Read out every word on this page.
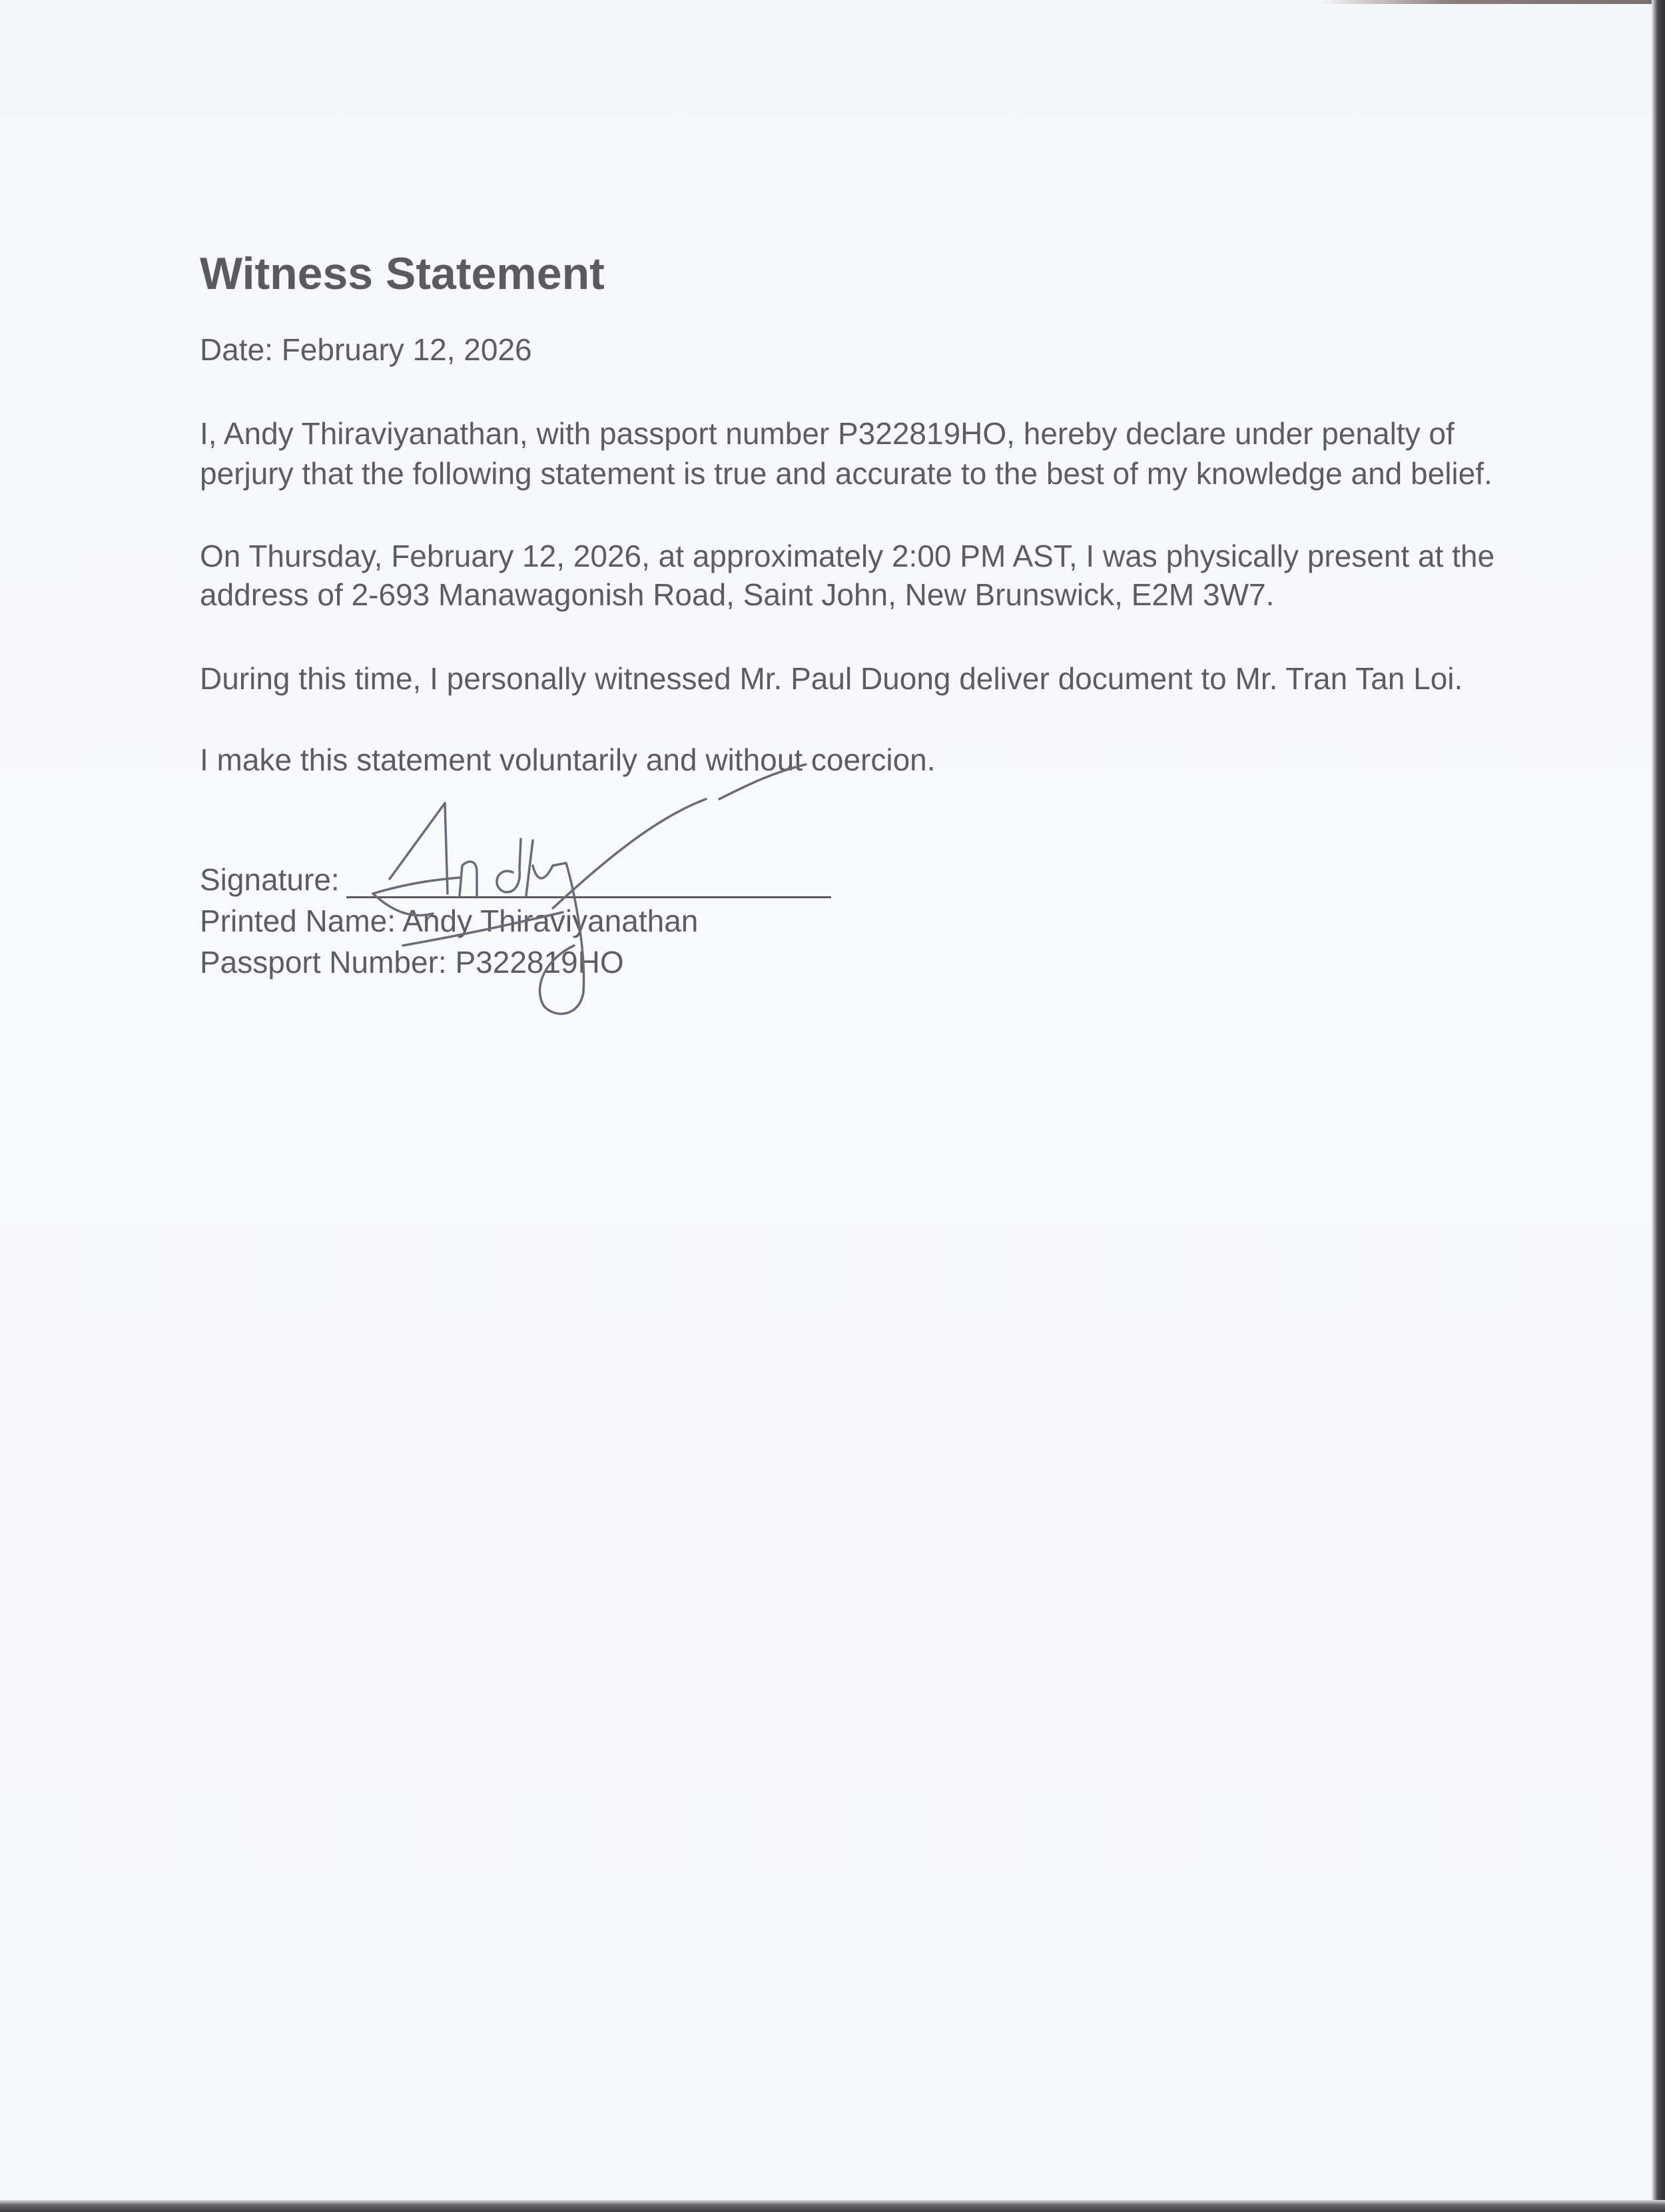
Witness Statement

Date: February 12, 2026

I, Andy Thiraviyanathan, with passport number P322819HO, hereby declare under penalty of

perjury that the following statement is true and accurate to the best of my knowledge and belief.

On Thursday, February 12, 2026, at approximately 2:00 PM AST, I was physically present at the

address of 2-693 Manawagonish Road, Saint John, New Brunswick, E2M 3W7.

During this time, I personally witnessed Mr. Paul Duong deliver document to Mr. Tran Tan Loi.

I make this statement voluntarily and without coercion.

Signature:

Printed Name: Andy Thiraviyanathan

Passport Number: P322819HO
